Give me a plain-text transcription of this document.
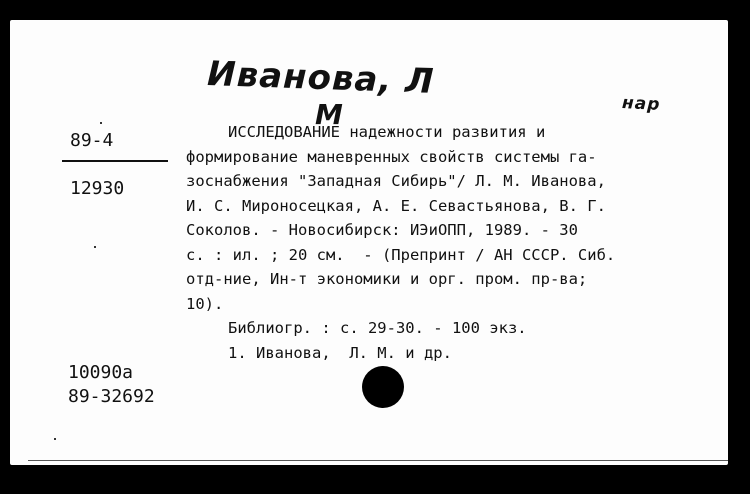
Иванова, Л
М	нар
89-4
12930
10090а
89-32692
ИССЛЕДОВАНИЕ надежности развития и
формирование маневренных свойств системы га-
зоснабжения "Западная Сибирь"/ Л. М. Иванова,
И. С. Мироносецкая, А. Е. Севастьянова, В. Г.
Соколов. - Новосибирск: ИЭиОПП, 1989. - 30
с. : ил. ; 20 см.  - (Препринт / АН СССР. Сиб.
отд-ние, Ин-т экономики и орг. пром. пр-ва;
10).
Библиогр. : с. 29-30. - 100 экз.
1. Иванова,  Л. М. и др.
